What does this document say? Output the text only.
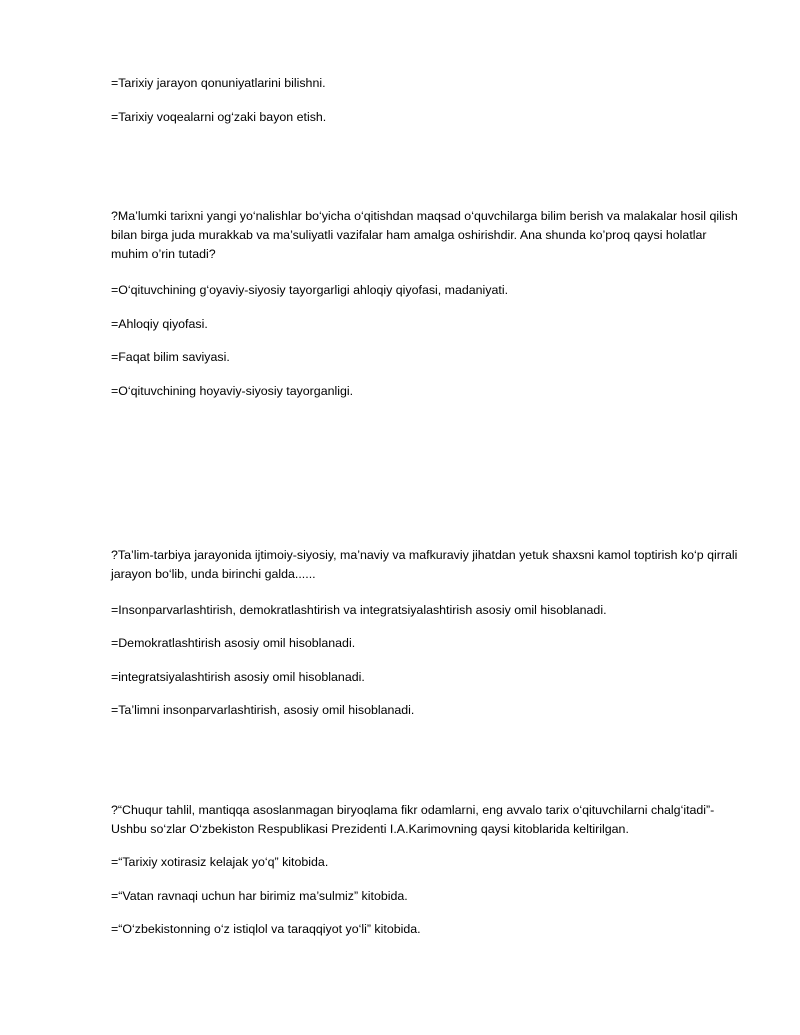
=Tarixiy jarayon qonuniyatlarini bilishni.
=Tarixiy voqealarni og‘zaki bayon etish.
?Ma’lumki tarixni yangi yo‘nalishlar bo‘yicha o‘qitishdan maqsad o‘quvchilarga bilim berish va malakalar hosil qilish bilan birga juda murakkab va ma’suliyatli vazifalar ham amalga oshirishdir. Ana shunda ko’proq qaysi holatlar muhim o’rin tutadi?
=O‘qituvchining g‘oyaviy-siyosiy tayorgarligi ahloqiy qiyofasi, madaniyati.
=Ahloqiy qiyofasi.
=Faqat bilim saviyasi.
=O‘qituvchining hoyaviy-siyosiy tayorganligi.
?Ta’lim-tarbiya jarayonida ijtimoiy-siyosiy, ma’naviy va mafkuraviy jihatdan yetuk shaxsni kamol toptirish ko‘p qirrali jarayon bo‘lib, unda birinchi galda......
=Insonparvarlashtirish, demokratlashtirish va integratsiyalashtirish asosiy omil hisoblanadi.
=Demokratlashtirish asosiy omil hisoblanadi.
=integratsiyalashtirish asosiy omil hisoblanadi.
=Ta’limni insonparvarlashtirish, asosiy omil hisoblanadi.
?“Chuqur tahlil, mantiqqa asoslanmagan biryoqlama fikr odamlarni, eng avvalo tarix o‘qituvchilarni chalg‘itadi”- Ushbu so‘zlar O‘zbekiston Respublikasi Prezidenti I.A.Karimovning qaysi kitoblarida keltirilgan.
=“Tarixiy xotirasiz kelajak yo‘q” kitobida.
=“Vatan ravnaqi uchun har birimiz ma’sulmiz” kitobida.
=“O‘zbekistonning o‘z istiqlol va taraqqiyot yo‘li” kitobida.
